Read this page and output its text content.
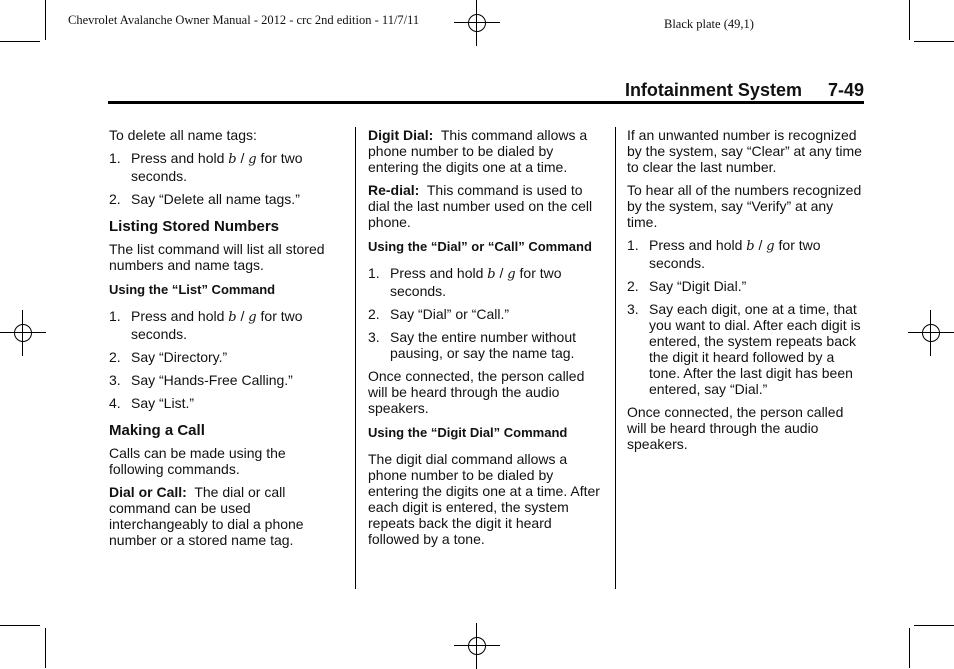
Chevrolet Avalanche Owner Manual - 2012 - crc 2nd edition - 11/7/11	Black plate (49,1)
Infotainment System 7-49

To delete all name tags:

1. Press and hold b / g for two seconds.
2. Say “Delete all name tags.”
Listing Stored Numbers

The list command will list all stored numbers and name tags.

Using the “List” Command
1. Press and hold b / g for two seconds.
2. Say “Directory.”
3. Say “Hands-Free Calling.”
4. Say “List.”
Making a Call

Calls can be made using the following commands.

Dial or Call: The dial or call command can be used interchangeably to dial a phone number or a stored name tag.

Digit Dial: This command allows a phone number to be dialed by entering the digits one at a time.

Re-dial: This command is used to dial the last number used on the cell phone.

Using the “Dial” or “Call” Command
1. Press and hold b / g for two seconds.
2. Say “Dial” or “Call.”
3. Say the entire number without pausing, or say the name tag.

Once connected, the person called will be heard through the audio speakers.

Using the “Digit Dial” Command

The digit dial command allows a phone number to be dialed by entering the digits one at a time. After each digit is entered, the system repeats back the digit it heard followed by a tone.

If an unwanted number is recognized by the system, say “Clear” at any time to clear the last number.

To hear all of the numbers recognized by the system, say “Verify” at any time.

1. Press and hold b / g for two seconds.
2. Say “Digit Dial.”
3. Say each digit, one at a time, that you want to dial. After each digit is entered, the system repeats back the digit it heard followed by a tone. After the last digit has been entered, say “Dial.”

Once connected, the person called will be heard through the audio speakers.
